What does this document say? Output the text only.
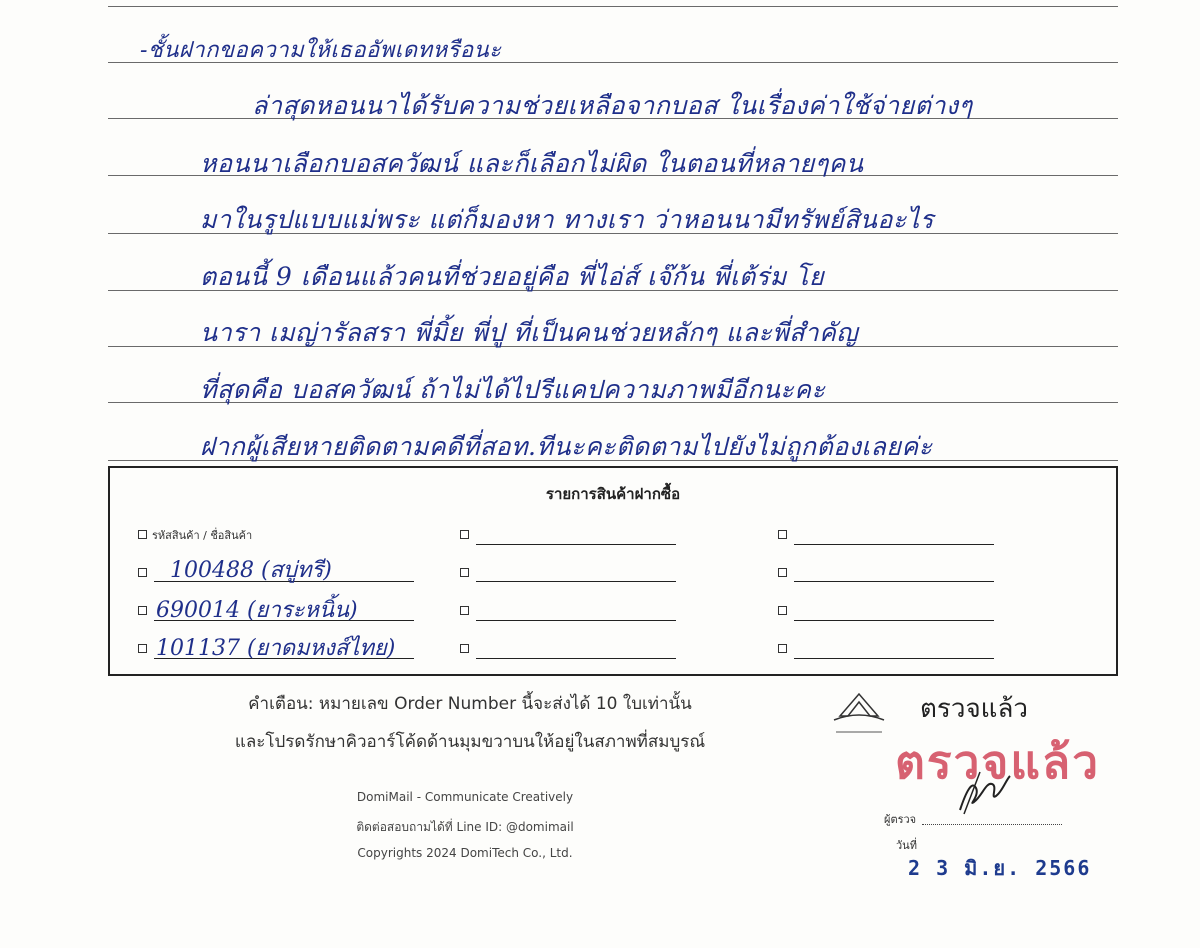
-ชั้นฝากขอความให้เธออัพเดทหรือนะ
ล่าสุดหอนนาได้รับความช่วยเหลือจากบอส ในเรื่องค่าใช้จ่ายต่างๆ
หอนนาเลือกบอสควัฒน์ และก็เลือกไม่ผิด ในตอนที่หลายๆคน
มาในรูปแบบแม่พระ แต่ก็มองหา ทางเรา ว่าหอนนามีทรัพย์สินอะไร
ตอนนี้ 9 เดือนแล้วคนที่ช่วยอยู่คือ พี่ไอ่ส์ เจ๊ก้น พี่เต้ร่ม โย
นารา เมญ่ารัลสรา พี่มิ้ย พี่ปู ที่เป็นคนช่วยหลักๆ และพี่สำคัญ
ที่สุดคือ บอสควัฒน์ ถ้าไม่ได้ไปรีแคปความภาพมีอีกนะคะ
ฝากผู้เสียหายติดตามคดีที่สอท.ทีนะคะติดตามไปยังไม่ถูกต้องเลยค่ะ
รายการสินค้าฝากซื้อ
รหัสสินค้า / ชื่อสินค้า
100488 (สบู่ทรี)
690014 (ยาระหนิ้น)
101137 (ยาดมหงส์ไทย)
คำเตือน: หมายเลข Order Number นี้จะส่งได้ 10 ใบเท่านั้น
และโปรดรักษาคิวอาร์โค้ดด้านมุมขวาบนให้อยู่ในสภาพที่สมบูรณ์
DomiMail - Communicate Creatively
ติดต่อสอบถามได้ที่ Line ID: @domimail
Copyrights 2024 DomiTech Co., Ltd.
ตรวจแล้ว
ตรวจแล้ว
ผู้ตรวจ
วันที่
2 3 มิ.ย. 2566
